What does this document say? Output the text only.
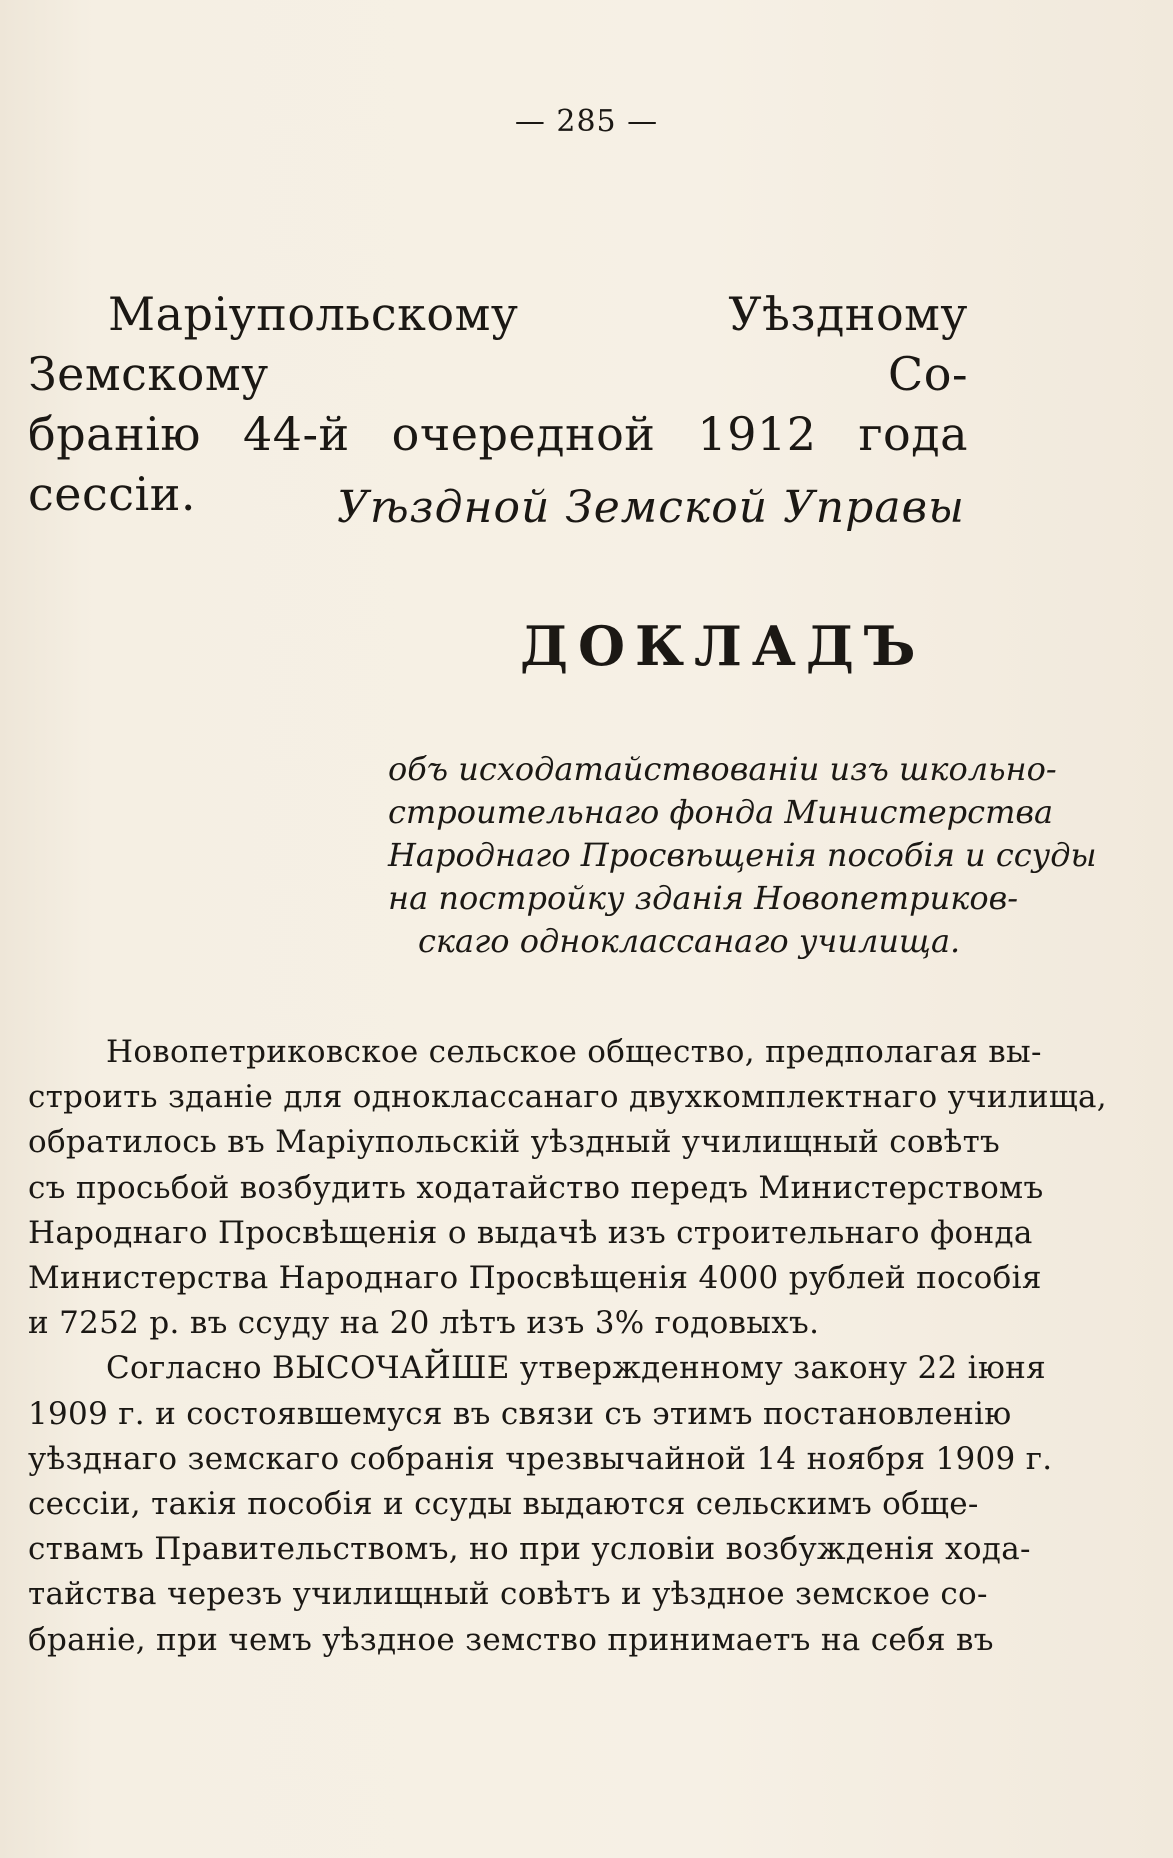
— 285 —
Маріупольскому Уѣздному Земскому Со-
бранію 44-й очередной 1912 года сессіи.	Уѣздной Земской Управы
ДОКЛАДЪ
объ исходатайствованіи изъ школьно-
строительнаго фонда Министерства
Народнаго Просвѣщенія пособія и ссуды
на постройку зданія Новопетриков-
скаго одноклассанаго училища.
Новопетриковское сельское общество, предполагая вы-
строить зданіе для одноклассанаго двухкомплектнаго училища,
обратилось въ Маріупольскій уѣздный училищный совѣтъ
съ просьбой возбудить ходатайство передъ Министерствомъ
Народнаго Просвѣщенія о выдачѣ изъ строительнаго фонда
Министерства Народнаго Просвѣщенія 4000 рублей пособія
и 7252 р. въ ссуду на 20 лѣтъ изъ 3% годовыхъ.
Согласно ВЫСОЧАЙШЕ утвержденному закону 22 іюня
1909 г. и состоявшемуся въ связи съ этимъ постановленію
уѣзднаго земскаго собранія чрезвычайной 14 ноября 1909 г.
сессіи, такія пособія и ссуды выдаются сельскимъ обще-
ствамъ Правительствомъ, но при условіи возбужденія хода-
тайства черезъ училищный совѣтъ и уѣздное земское со-
браніе, при чемъ уѣздное земство принимаетъ на себя въ
